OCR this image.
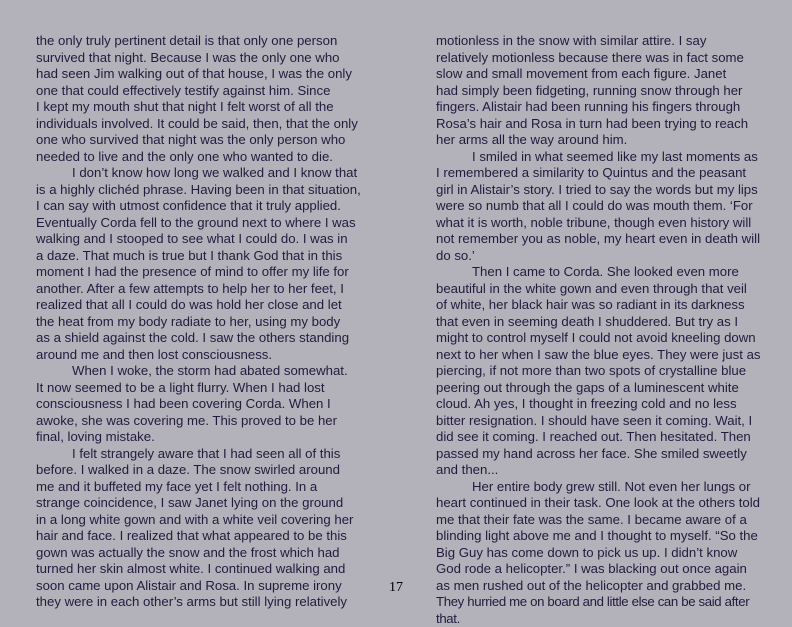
the only truly pertinent detail is that only one person
survived that night. Because I was the only one who
had seen Jim walking out of that house, I was the only
one that could effectively testify against him. Since
I kept my mouth shut that night I felt worst of all the
individuals involved. It could be said, then, that the only
one who survived that night was the only person who
needed to live and the only one who wanted to die.

I don’t know how long we walked and I know that
is a highly clichéd phrase. Having been in that situation,
I can say with utmost confidence that it truly applied.
Eventually Corda fell to the ground next to where I was
walking and I stooped to see what I could do. I was in
a daze. That much is true but I thank God that in this
moment I had the presence of mind to offer my life for
another. After a few attempts to help her to her feet, I
realized that all I could do was hold her close and let
the heat from my body radiate to her, using my body
as a shield against the cold. I saw the others standing
around me and then lost consciousness.

When I woke, the storm had abated somewhat.
It now seemed to be a light flurry. When I had lost
consciousness I had been covering Corda. When I
awoke, she was covering me. This proved to be her
final, loving mistake.

I felt strangely aware that I had seen all of this
before. I walked in a daze. The snow swirled around
me and it buffeted my face yet I felt nothing. In a
strange coincidence, I saw Janet lying on the ground
in a long white gown and with a white veil covering her
hair and face. I realized that what appeared to be this
gown was actually the snow and the frost which had
turned her skin almost white. I continued walking and
soon came upon Alistair and Rosa. In supreme irony
they were in each other’s arms but still lying relatively

motionless in the snow with similar attire. I say
relatively motionless because there was in fact some
slow and small movement from each figure. Janet
had simply been fidgeting, running snow through her
fingers. Alistair had been running his fingers through
Rosa’s hair and Rosa in turn had been trying to reach
her arms all the way around him.

I smiled in what seemed like my last moments as
I remembered a similarity to Quintus and the peasant
girl in Alistair’s story. I tried to say the words but my lips
were so numb that all I could do was mouth them. ‘For
what it is worth, noble tribune, though even history will
not remember you as noble, my heart even in death will
do so.’

Then I came to Corda. She looked even more
beautiful in the white gown and even through that veil
of white, her black hair was so radiant in its darkness
that even in seeming death I shuddered. But try as I
might to control myself I could not avoid kneeling down
next to her when I saw the blue eyes. They were just as
piercing, if not more than two spots of crystalline blue
peering out through the gaps of a luminescent white
cloud. Ah yes, I thought in freezing cold and no less
bitter resignation. I should have seen it coming. Wait, I
did see it coming. I reached out. Then hesitated. Then
passed my hand across her face. She smiled sweetly
and then...

Her entire body grew still. Not even her lungs or
heart continued in their task. One look at the others told
me that their fate was the same. I became aware of a
blinding light above me and I thought to myself. “So the
Big Guy has come down to pick us up. I didn’t know
God rode a helicopter.” I was blacking out once again
as men rushed out of the helicopter and grabbed me.

They hurried me on board and little else can be said after that.

17
